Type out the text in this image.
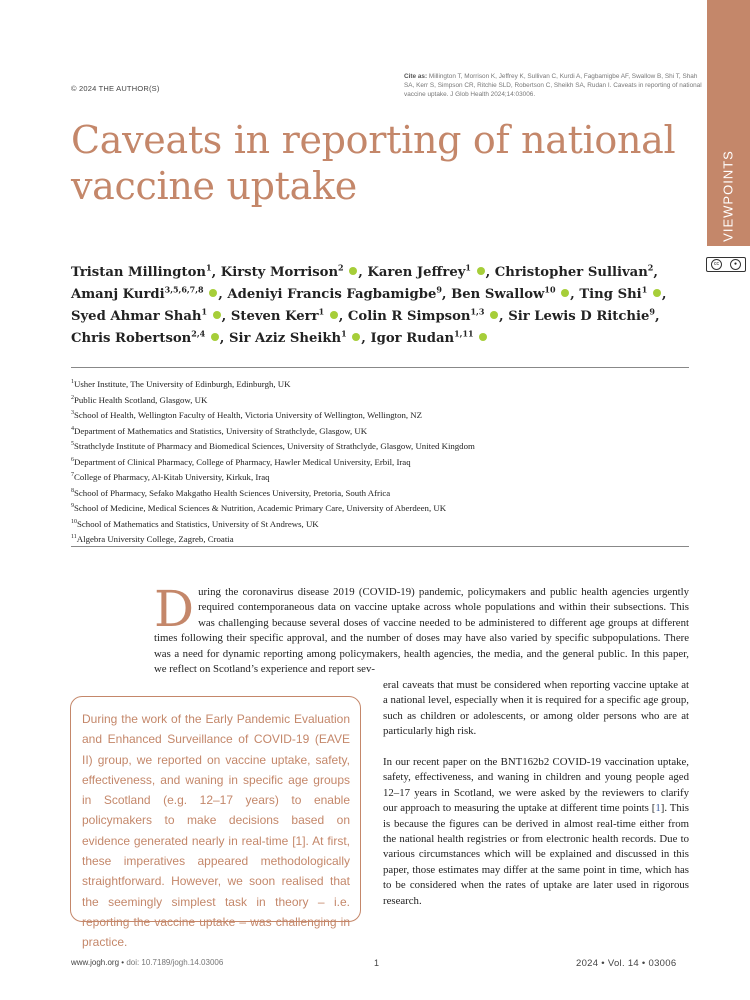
© 2024 THE AUTHOR(S)
Cite as: Millington T, Morrison K, Jeffrey K, Sullivan C, Kurdi A, Fagbamigbe AF, Swallow B, Shi T, Shah SA, Kerr S, Simpson CR, Ritchie SLD, Robertson C, Sheikh SA, Rudan I. Caveats in reporting of national vaccine uptake. J Glob Health 2024;14:03006.
VIEWPOINTS
cc	●
Caveats in reporting of national
vaccine uptake
Tristan Millington$^1$, Kirsty Morrison$^2$ , Karen Jeffrey$^1$ , Christopher Sullivan$^2$, Amanj Kurdi$^{3,5,6,7,8}$ , Adeniyi Francis Fagbamigbe$^9$, Ben Swallow$^{10}$ , Ting Shi$^1$ , Syed Ahmar Shah$^1$ , Steven Kerr$^1$ , Colin R Simpson$^{1,3}$ , Sir Lewis D Ritchie$^9$, Chris Robertson$^{2,4}$ , Sir Aziz Sheikh$^1$ , Igor Rudan$^{1,11}$
$^1$Usher Institute, The University of Edinburgh, Edinburgh, UK
$^2$Public Health Scotland, Glasgow, UK
$^3$School of Health, Wellington Faculty of Health, Victoria University of Wellington, Wellington, NZ
$^4$Department of Mathematics and Statistics, University of Strathclyde, Glasgow, UK
$^5$Strathclyde Institute of Pharmacy and Biomedical Sciences, University of Strathclyde, Glasgow, United Kingdom
$^6$Department of Clinical Pharmacy, College of Pharmacy, Hawler Medical University, Erbil, Iraq
$^7$College of Pharmacy, Al-Kitab University, Kirkuk, Iraq
$^8$School of Pharmacy, Sefako Makgatho Health Sciences University, Pretoria, South Africa
$^9$School of Medicine, Medical Sciences & Nutrition, Academic Primary Care, University of Aberdeen, UK
$^{10}$School of Mathematics and Statistics, University of St Andrews, UK
$^{11}$Algebra University College, Zagreb, Croatia

During the coronavirus disease 2019 (COVID-19) pandemic, policymakers and public health agencies urgently required contemporaneous data on vaccine uptake across whole populations and within their subsections. This was challenging because several doses of vaccine needed to be administered to different age groups at different times following their specific approval, and the number of doses may have also varied by specific subpopulations. There was a need for dynamic reporting among policymakers, health agencies, the media, and the general public. In this paper, we reflect on Scotland’s experience and report sev-

eral caveats that must be considered when reporting vaccine uptake at a national level, especially when it is required for a specific age group, such as children or adolescents, or among older persons who are at particularly high risk.

In our recent paper on the BNT162b2 COVID-19 vaccination uptake, safety, effectiveness, and waning in children and young people aged 12–17 years in Scotland, we were asked by the reviewers to clarify our approach to measuring the uptake at different time points [1]. This is because the figures can be derived in almost real-time either from the national health registries or from electronic health records. Due to various circumstances which will be explained and discussed in this paper, those estimates may differ at the same point in time, which has to be considered when the rates of uptake are later used in rigorous research.

During the work of the Early Pandemic Evaluation and Enhanced Surveillance of COVID-19 (EAVE II) group, we reported on vaccine uptake, safety, effectiveness, and waning in specific age groups in Scotland (e.g. 12–17 years) to enable policymakers to make decisions based on evidence generated nearly in real-time [1]. At first, these imperatives appeared methodologically straightforward. However, we soon realised that the seemingly simplest task in theory – i.e. reporting the vaccine uptake – was challenging in practice.
www.jogh.org • doi: 10.7189/jogh.14.03006	1	2024 • Vol. 14 • 03006
